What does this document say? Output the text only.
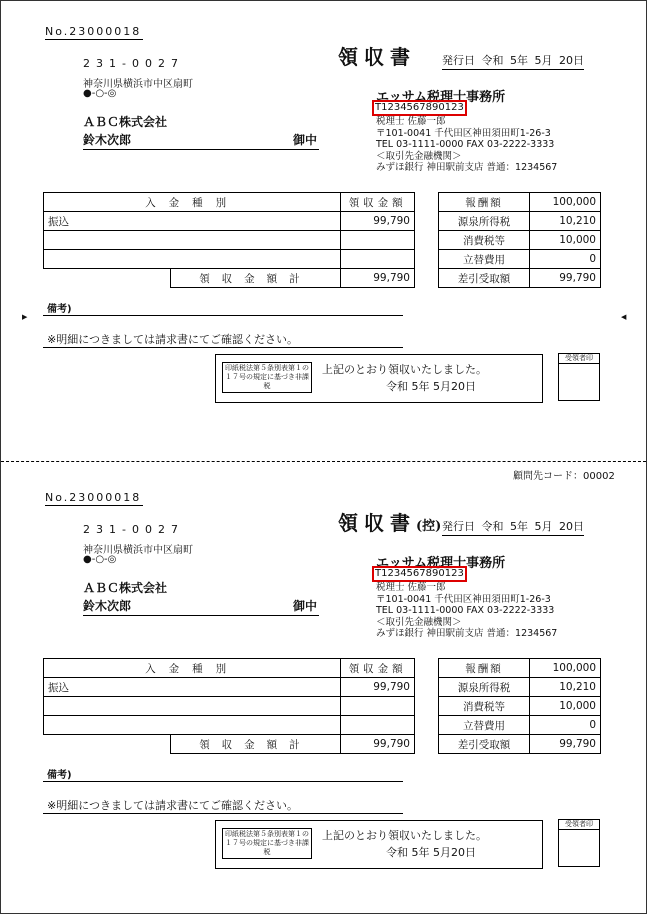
No.23000018
231-0027
神奈川県横浜市中区扇町
●-○-◎
ＡＢＣ株式会社
鈴木次郎	御中
領収書 発行日 令和 5年 5月 20日
エッサム税理士事務所
T1234567890123
税理士 佐藤一郎
〒101-0041 千代田区神田須田町1-26-3
TEL 03-1111-0000 FAX 03-2222-3333
＜取引先金融機関＞
みずほ銀行 神田駅前支店 普通：1234567
入金種別		領収金額
振込		99,790

	領収金額計	99,790
報酬額	100,000
源泉所得税	10,210
消費税等	10,000
立替費用	0
差引受取額	99,790
備考)
※明細につきましては請求書にてご確認ください。
印紙税法第５条別表第１の１７号の規定に基づき非課税
上記のとおり領収いたしました。
令和 5年 5月20日
受領者印
▶	◀
顧問先コード：00002
No.23000018
231-0027
神奈川県横浜市中区扇町
●-○-◎
ＡＢＣ株式会社
鈴木次郎	御中
領収書(控) 発行日 令和 5年 5月 20日
エッサム税理士事務所
T1234567890123
税理士 佐藤一郎
〒101-0041 千代田区神田須田町1-26-3
TEL 03-1111-0000 FAX 03-2222-3333
＜取引先金融機関＞
みずほ銀行 神田駅前支店 普通：1234567
入金種別		領収金額
振込		99,790

	領収金額計	99,790
報酬額	100,000
源泉所得税	10,210
消費税等	10,000
立替費用	0
差引受取額	99,790
備考)
※明細につきましては請求書にてご確認ください。
印紙税法第５条別表第１の１７号の規定に基づき非課税
上記のとおり領収いたしました。
令和 5年 5月20日
受領者印
